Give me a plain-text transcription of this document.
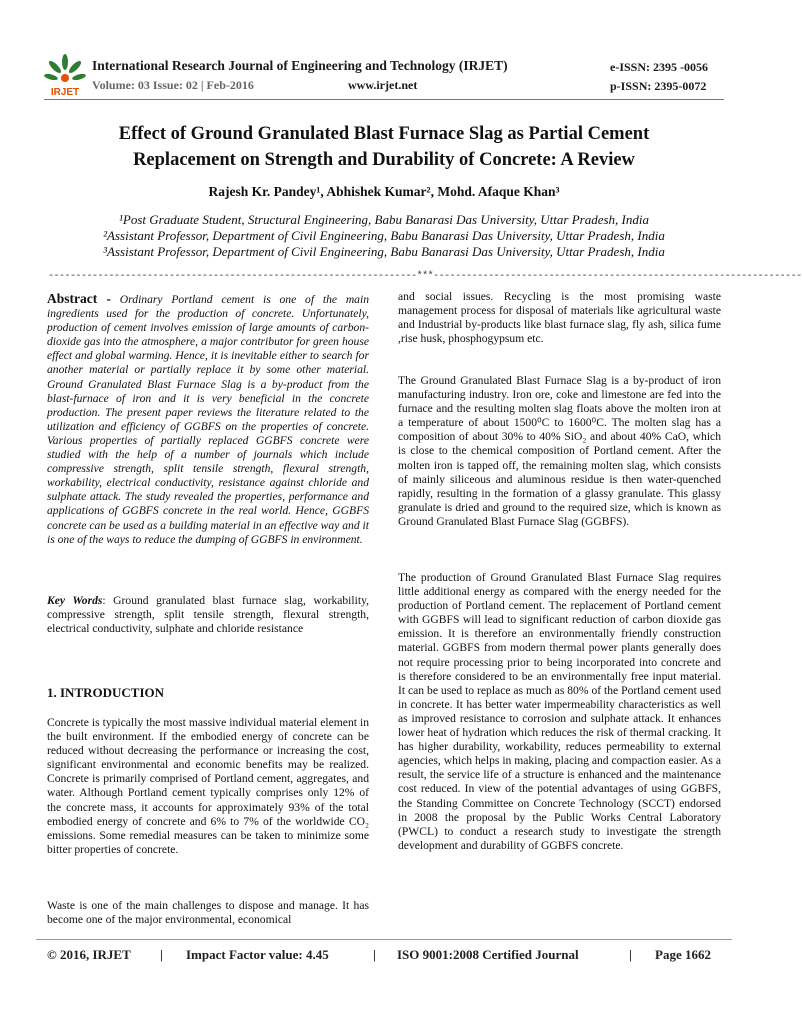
IRJET
International Research Journal of Engineering and Technology (IRJET)
Volume: 03 Issue: 02 | Feb-2016	www.irjet.net
e-ISSN: 2395 -0056
p-ISSN: 2395-0072
Effect of Ground Granulated Blast Furnace Slag as Partial Cement
Replacement on Strength and Durability of Concrete: A Review
Rajesh Kr. Pandey¹, Abhishek Kumar², Mohd. Afaque Khan³
¹Post Graduate Student, Structural Engineering, Babu Banarasi Das University, Uttar Pradesh, India
²Assistant Professor, Department of Civil Engineering, Babu Banarasi Das University, Uttar Pradesh, India
³Assistant Professor, Department of Civil Engineering, Babu Banarasi Das University, Uttar Pradesh, India
-------------------------------------------------------------------***-------------------------------------------------------------------
Abstract - Ordinary Portland cement is one of the main ingredients used for the production of concrete. Unfortunately, production of cement involves emission of large amounts of carbon-dioxide gas into the atmosphere, a major contributor for green house effect and global warming. Hence, it is inevitable either to search for another material or partially replace it by some other material. Ground Granulated Blast Furnace Slag is a by-product from the blast-furnace of iron and it is very beneficial in the concrete production. The present paper reviews the literature related to the utilization and efficiency of GGBFS on the properties of concrete. Various properties of partially replaced GGBFS concrete were studied with the help of a number of journals which include compressive strength, split tensile strength, flexural strength, workability, electrical conductivity, resistance against chloride and sulphate attack. The study revealed the properties, performance and applications of GGBFS concrete in the real world. Hence, GGBFS concrete can be used as a building material in an effective way and it is one of the ways to reduce the dumping of GGBFS in environment.
Key Words: Ground granulated blast furnace slag, workability, compressive strength, split tensile strength, flexural strength, electrical conductivity, sulphate and chloride resistance
1. INTRODUCTION
Concrete is typically the most massive individual material element in the built environment. If the embodied energy of concrete can be reduced without decreasing the performance or increasing the cost, significant environmental and economic benefits may be realized. Concrete is primarily comprised of Portland cement, aggregates, and water. Although Portland cement typically comprises only 12% of the concrete mass, it accounts for approximately 93% of the total embodied energy of concrete and 6% to 7% of the worldwide CO₂ emissions. Some remedial measures can be taken to minimize some bitter properties of concrete.
Waste is one of the main challenges to dispose and manage. It has become one of the major environmental, economical
and social issues. Recycling is the most promising waste management process for disposal of materials like agricultural waste and Industrial by-products like blast furnace slag, fly ash, silica fume ,rise husk, phosphogypsum etc.
The Ground Granulated Blast Furnace Slag is a by-product of iron manufacturing industry. Iron ore, coke and limestone are fed into the furnace and the resulting molten slag floats above the molten iron at a temperature of about 1500⁰C to 1600⁰C. The molten slag has a composition of about 30% to 40% SiO₂ and about 40% CaO, which is close to the chemical composition of Portland cement. After the molten iron is tapped off, the remaining molten slag, which consists of mainly siliceous and aluminous residue is then water-quenched rapidly, resulting in the formation of a glassy granulate. This glassy granulate is dried and ground to the required size, which is known as Ground Granulated Blast Furnace Slag (GGBFS).
The production of Ground Granulated Blast Furnace Slag requires little additional energy as compared with the energy needed for the production of Portland cement. The replacement of Portland cement with GGBFS will lead to significant reduction of carbon dioxide gas emission. It is therefore an environmentally friendly construction material. GGBFS from modern thermal power plants generally does not require processing prior to being incorporated into concrete and is therefore considered to be an environmentally free input material. It can be used to replace as much as 80% of the Portland cement used in concrete. It has better water impermeability characteristics as well as improved resistance to corrosion and sulphate attack. It enhances lower heat of hydration which reduces the risk of thermal cracking. It has higher durability, workability, reduces permeability to external agencies, which helps in making, placing and compaction easier. As a result, the service life of a structure is enhanced and the maintenance cost reduced. In view of the potential advantages of using GGBFS, the Standing Committee on Concrete Technology (SCCT) endorsed in 2008 the proposal by the Public Works Central Laboratory (PWCL) to conduct a research study to investigate the strength development and durability of GGBFS concrete.
© 2016, IRJET | Impact Factor value: 4.45	| ISO 9001:2008 Certified Journal	| Page 1662
